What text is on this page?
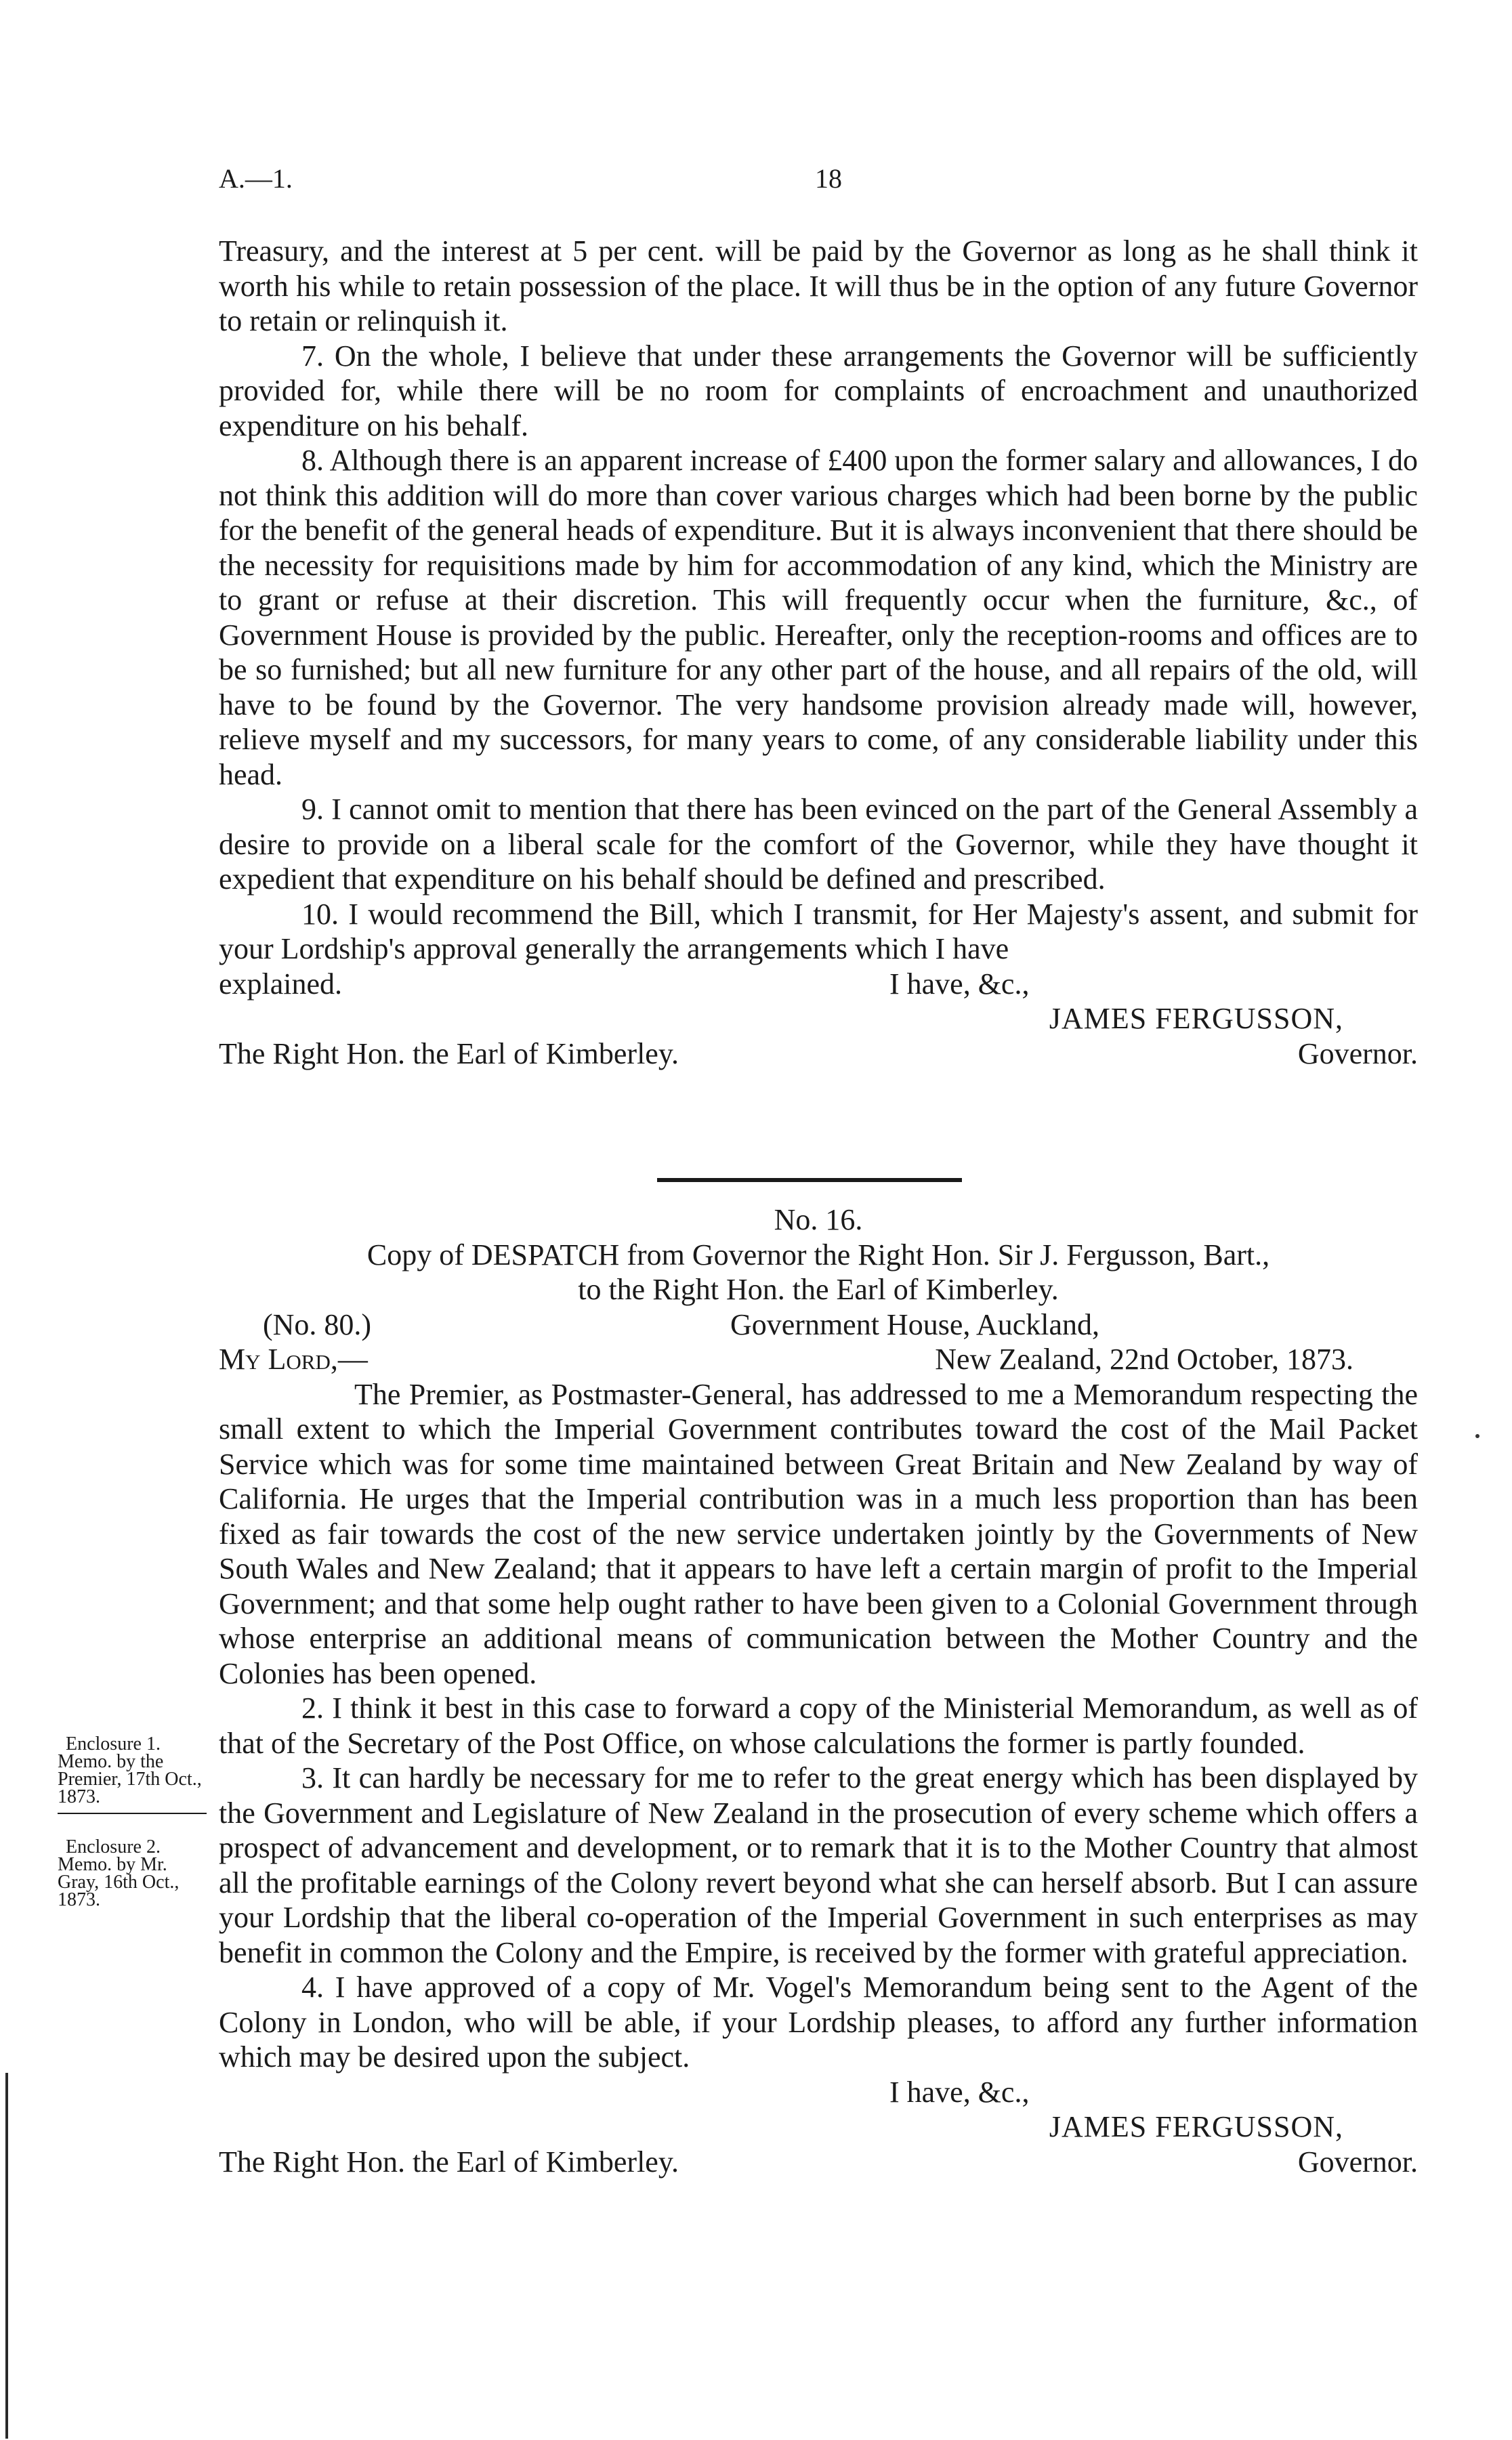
A.—1.	18

Treasury, and the interest at 5 per cent. will be paid by the Governor as long as he shall think it worth his while to retain possession of the place. It will thus be in the option of any future Governor to retain or relinquish it.

7. On the whole, I believe that under these arrangements the Governor will be sufficiently provided for, while there will be no room for complaints of encroachment and unauthorized expenditure on his behalf.

8. Although there is an apparent increase of £400 upon the former salary and allowances, I do not think this addition will do more than cover various charges which had been borne by the public for the benefit of the general heads of expenditure. But it is always inconvenient that there should be the necessity for requisitions made by him for accommodation of any kind, which the Ministry are to grant or refuse at their discretion. This will frequently occur when the furniture, &c., of Government House is provided by the public. Hereafter, only the reception-rooms and offices are to be so furnished; but all new furniture for any other part of the house, and all repairs of the old, will have to be found by the Governor. The very handsome provision already made will, however, relieve myself and my successors, for many years to come, of any considerable liability under this head.

9. I cannot omit to mention that there has been evinced on the part of the General Assembly a desire to provide on a liberal scale for the comfort of the Governor, while they have thought it expedient that expenditure on his behalf should be defined and prescribed.

10. I would recommend the Bill, which I transmit, for Her Majesty's assent, and submit for your Lordship's approval generally the arrangements which I have

explained.	I have, &c.,
JAMES FERGUSSON,
The Right Hon. the Earl of Kimberley.	Governor.

No. 16.

Copy of DESPATCH from Governor the Right Hon. Sir J. Fergusson, Bart.,

to the Right Hon. the Earl of Kimberley.

(No. 80.)	Government House, Auckland,
My Lord,—	New Zealand, 22nd October, 1873.

The Premier, as Postmaster-General, has addressed to me a Memorandum respecting the small extent to which the Imperial Government contributes toward the cost of the Mail Packet Service which was for some time maintained between Great Britain and New Zealand by way of California. He urges that the Imperial contribution was in a much less proportion than has been fixed as fair towards the cost of the new service undertaken jointly by the Governments of New South Wales and New Zealand; that it appears to have left a certain margin of profit to the Imperial Government; and that some help ought rather to have been given to a Colonial Government through whose enterprise an additional means of communication between the Mother Country and the Colonies has been opened.

2. I think it best in this case to forward a copy of the Ministerial Memorandum, as well as of that of the Secretary of the Post Office, on whose calculations the former is partly founded.

3. It can hardly be necessary for me to refer to the great energy which has been displayed by the Government and Legislature of New Zealand in the prosecution of every scheme which offers a prospect of advancement and development, or to remark that it is to the Mother Country that almost all the profitable earnings of the Colony revert beyond what she can herself absorb. But I can assure your Lordship that the liberal co-operation of the Imperial Government in such enterprises as may benefit in common the Colony and the Empire, is received by the former with grateful appreciation.

4. I have approved of a copy of Mr. Vogel's Memorandum being sent to the Agent of the Colony in London, who will be able, if your Lordship pleases, to afford any further information which may be desired upon the subject.

I have, &c.,
JAMES FERGUSSON,
The Right Hon. the Earl of Kimberley.	Governor.
Enclosure 1.
Memo. by the Premier, 17th Oct., 1873.
Enclosure 2.
Memo. by Mr. Gray, 16th Oct., 1873.
